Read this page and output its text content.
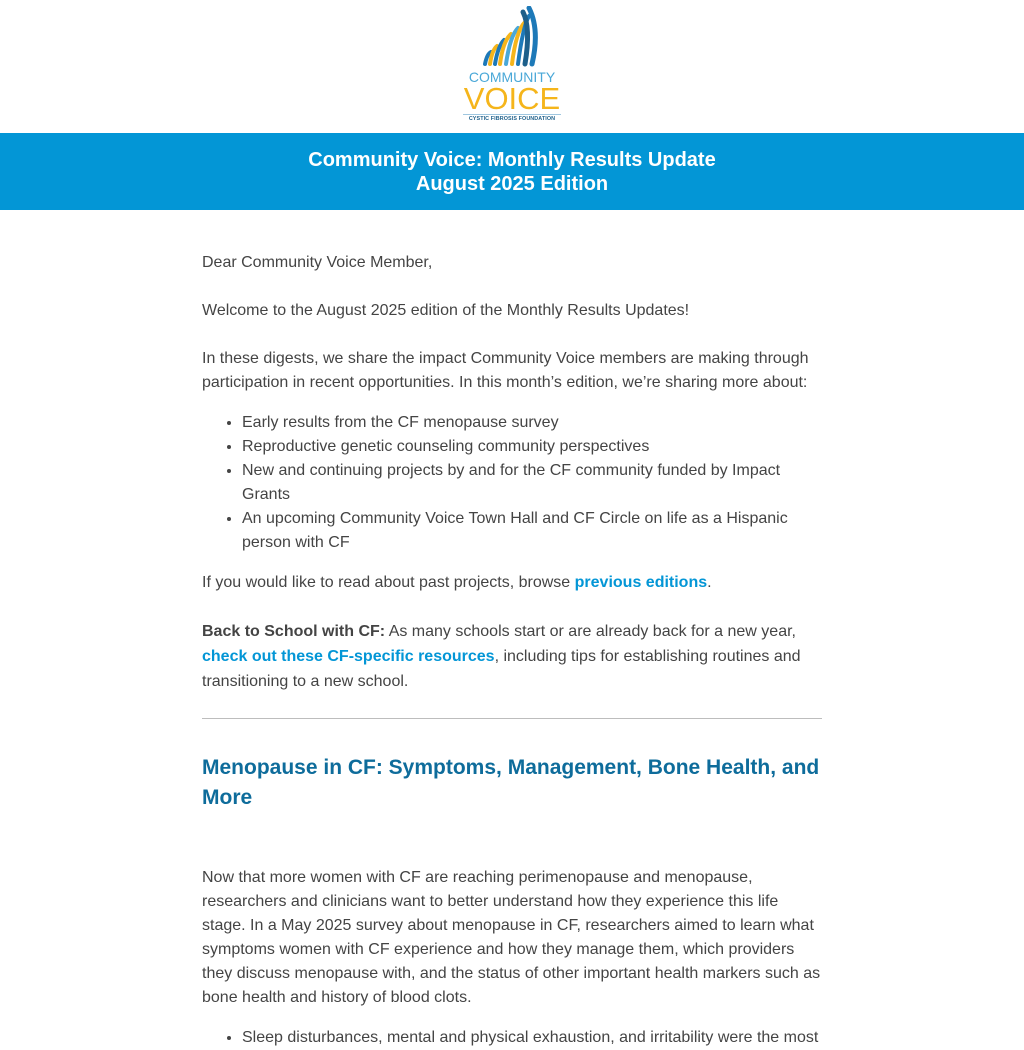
COMMUNITY
VOICE
CYSTIC FIBROSIS FOUNDATION
Community Voice: Monthly Results Update
August 2025 Edition

Dear Community Voice Member,

Welcome to the August 2025 edition of the Monthly Results Updates!

In these digests, we share the impact Community Voice members are making through participation in recent opportunities. In this month’s edition, we’re sharing more about:

• Early results from the CF menopause survey
• Reproductive genetic counseling community perspectives
• New and continuing projects by and for the CF community funded by Impact Grants
• An upcoming Community Voice Town Hall and CF Circle on life as a Hispanic person with CF

If you would like to read about past projects, browse previous editions.

Back to School with CF: As many schools start or are already back for a new year, check out these CF-specific resources, including tips for establishing routines and transitioning to a new school.

Menopause in CF: Symptoms, Management, Bone Health, and More

Now that more women with CF are reaching perimenopause and menopause, researchers and clinicians want to better understand how they experience this life stage. In a May 2025 survey about menopause in CF, researchers aimed to learn what symptoms women with CF experience and how they manage them, which providers they discuss menopause with, and the status of other important health markers such as bone health and history of blood clots.

• Sleep disturbances, mental and physical exhaustion, and irritability were the most
